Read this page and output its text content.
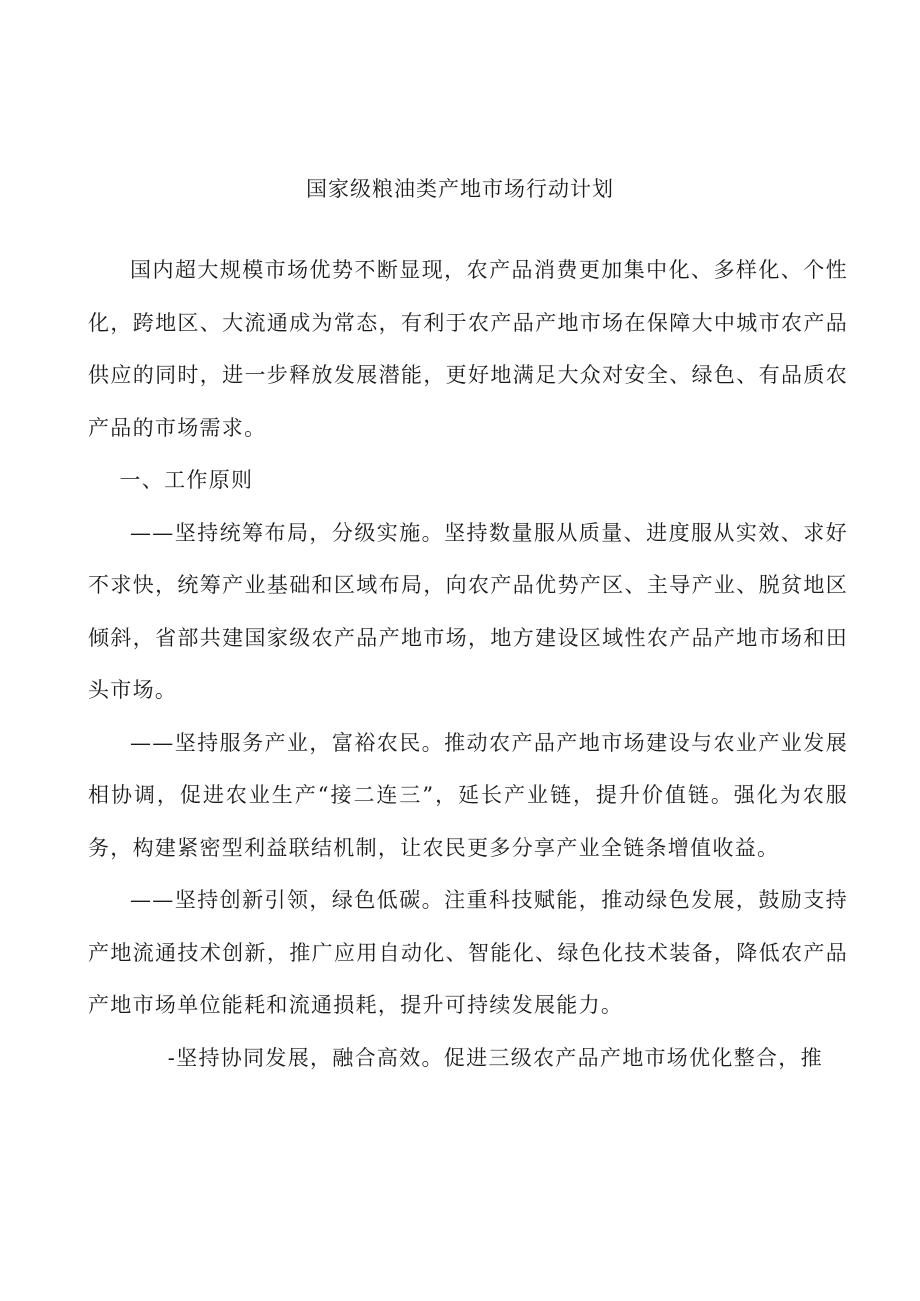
国家级粮油类产地市场行动计划

国内超大规模市场优势不断显现，农产品消费更加集中化、多样化、个性化，跨地区、大流通成为常态，有利于农产品产地市场在保障大中城市农产品供应的同时，进一步释放发展潜能，更好地满足大众对安全、绿色、有品质农产品的市场需求。

一、工作原则

——坚持统筹布局，分级实施。坚持数量服从质量、进度服从实效、求好不求快，统筹产业基础和区域布局，向农产品优势产区、主导产业、脱贫地区倾斜，省部共建国家级农产品产地市场，地方建设区域性农产品产地市场和田头市场。

——坚持服务产业，富裕农民。推动农产品产地市场建设与农业产业发展相协调，促进农业生产“接二连三”，延长产业链，提升价值链。强化为农服务，构建紧密型利益联结机制，让农民更多分享产业全链条增值收益。

——坚持创新引领，绿色低碳。注重科技赋能，推动绿色发展，鼓励支持产地流通技术创新，推广应用自动化、智能化、绿色化技术装备，降低农产品产地市场单位能耗和流通损耗，提升可持续发展能力。

-坚持协同发展，融合高效。促进三级农产品产地市场优化整合，推
